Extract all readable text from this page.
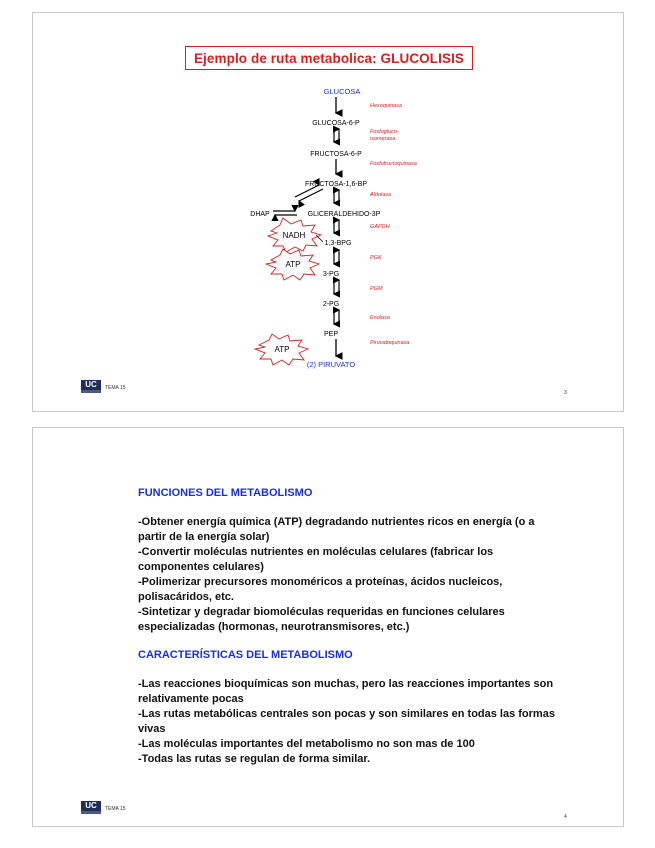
Ejemplo de ruta metabolica: GLUCOLISIS
GLUCOSA
GLUCOSA-6-P
FRUCTOSA-6-P
FRUCTOSA-1,6-BP
DHAP	GLICERALDEHIDO-3P
1,3-BPG
3-PG
2-PG
PEP
(2) PIRUVATO
Hexoquinasa
Fosfogluco-
isomerasa
Fosfofructoquinasa
Aldolasa
GAPDH
PGK
PGM
Enolasa
Piruvatoquinasa
NADH
ATP
ATP
UC	TEMA 15
3
FUNCIONES DEL METABOLISMO

-Obtener energía química (ATP) degradando nutrientes ricos en energía (o a partir de la energía solar)

-Convertir moléculas nutrientes en moléculas celulares (fabricar los componentes celulares)

-Polimerizar precursores monoméricos a proteínas, ácidos nucleicos, polisacáridos, etc.

-Sintetizar y degradar biomoléculas requeridas en funciones celulares especializadas (hormonas, neurotransmisores, etc.)

CARACTERÍSTICAS DEL METABOLISMO

-Las reacciones bioquímicas son muchas, pero las reacciones importantes son relativamente pocas

-Las rutas metabólicas centrales son pocas y son similares en todas las formas vivas

-Las moléculas importantes del metabolismo no son mas de 100

-Todas las rutas se regulan de forma similar.

UC	TEMA 15
4
